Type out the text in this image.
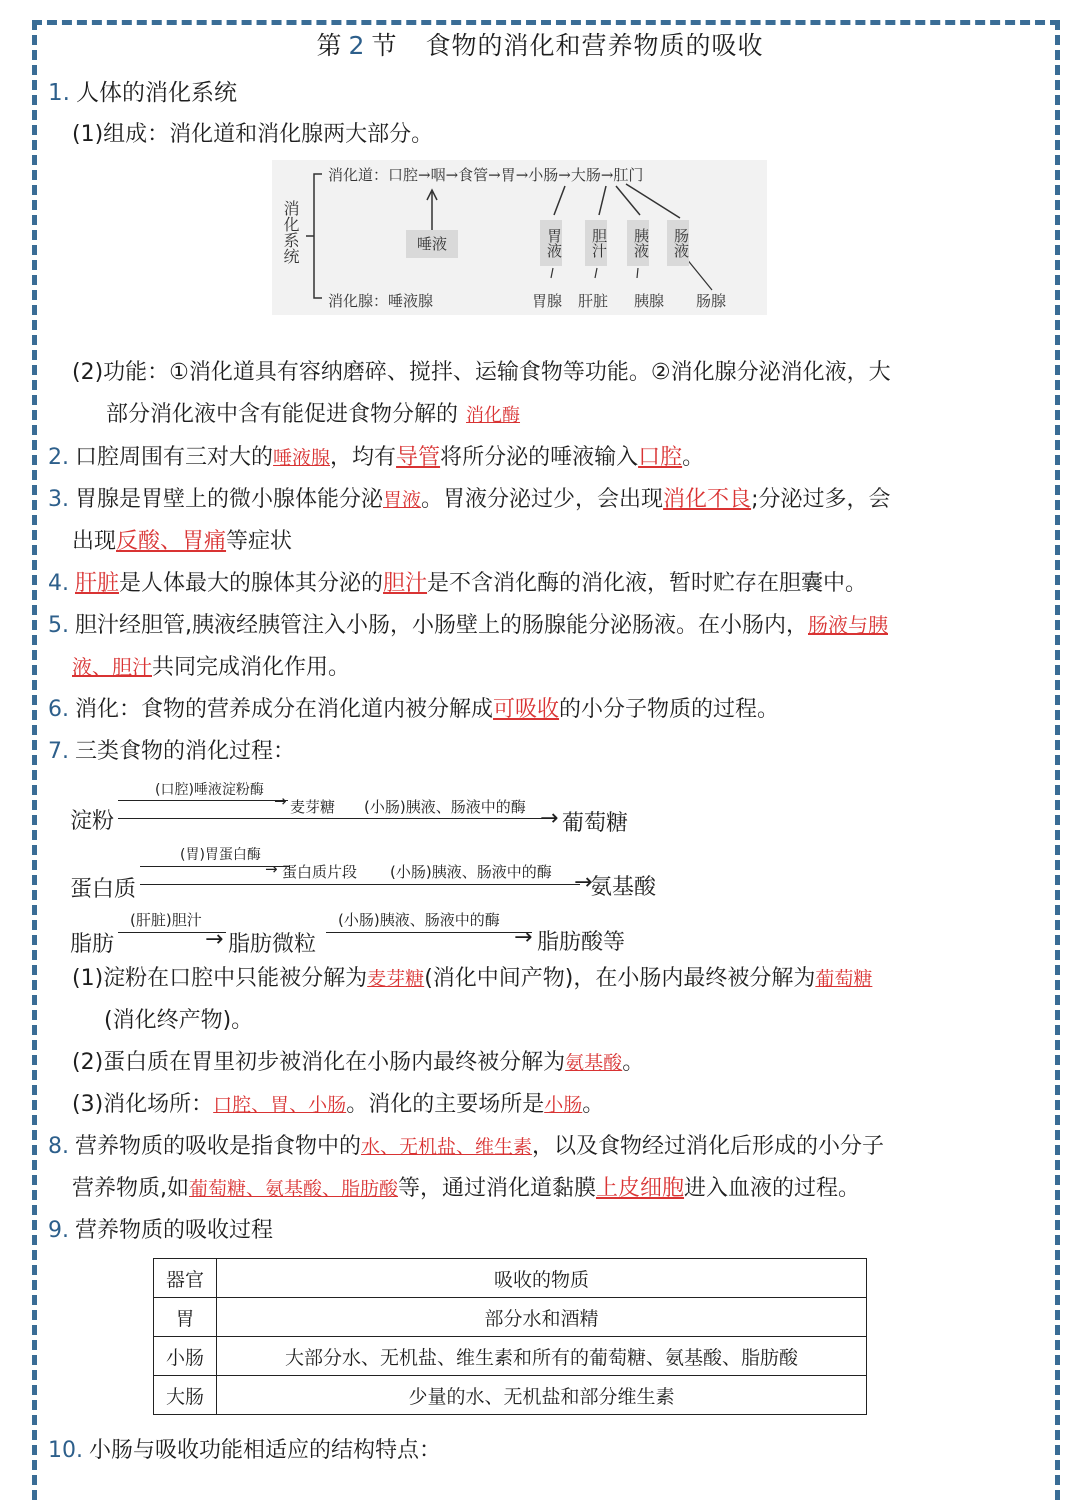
第 2 节 食物的消化和营养物质的吸收
1. 人体的消化系统
(1)组成：消化道和消化腺两大部分。
消化系统
消化道：口腔→咽→食管→胃→小肠→大肠→肛门
唾液	胃液	胆汁	胰液	肠液
消化腺：唾液腺	胃腺 肝脏 胰腺 肠腺
(2)功能：①消化道具有容纳磨碎、搅拌、运输食物等功能。②消化腺分泌消化液，大
部分消化液中含有能促进食物分解的 消化酶
2. 口腔周围有三对大的唾液腺，均有导管将所分泌的唾液输入口腔。
3. 胃腺是胃壁上的微小腺体能分泌胃液。胃液分泌过少，会出现消化不良;分泌过多，会
出现反酸、胃痛等症状
4. 肝脏是人体最大的腺体其分泌的胆汁是不含消化酶的消化液，暂时贮存在胆囊中。
5. 胆汁经胆管,胰液经胰管注入小肠，小肠壁上的肠腺能分泌肠液。在小肠内，肠液与胰
液、胆汁共同完成消化作用。
6. 消化：食物的营养成分在消化道内被分解成可吸收的小分子物质的过程。
7. 三类食物的消化过程：
淀粉
(口腔)唾液淀粉酶
→ 麦芽糖 (小肠)胰液、肠液中的酶 → 葡萄糖
蛋白质
(胃)胃蛋白酶
→ 蛋白质片段 (小肠)胰液、肠液中的酶 →
氨基酸
脂肪
(肝脏)胆汁
→ 脂肪微粒
(小肠)胰液、肠液中的酶
→ 脂肪酸等
(1)淀粉在口腔中只能被分解为麦芽糖(消化中间产物)，在小肠内最终被分解为葡萄糖
(消化终产物)。
(2)蛋白质在胃里初步被消化在小肠内最终被分解为氨基酸。
(3)消化场所：口腔、胃、小肠。消化的主要场所是小肠。
8. 营养物质的吸收是指食物中的水、无机盐、维生素，以及食物经过消化后形成的小分子
营养物质,如葡萄糖、氨基酸、脂肪酸等，通过消化道黏膜上皮细胞进入血液的过程。
9. 营养物质的吸收过程
器官	吸收的物质
胃	部分水和酒精
小肠	大部分水、无机盐、维生素和所有的葡萄糖、氨基酸、脂肪酸
大肠	少量的水、无机盐和部分维生素
10. 小肠与吸收功能相适应的结构特点：
